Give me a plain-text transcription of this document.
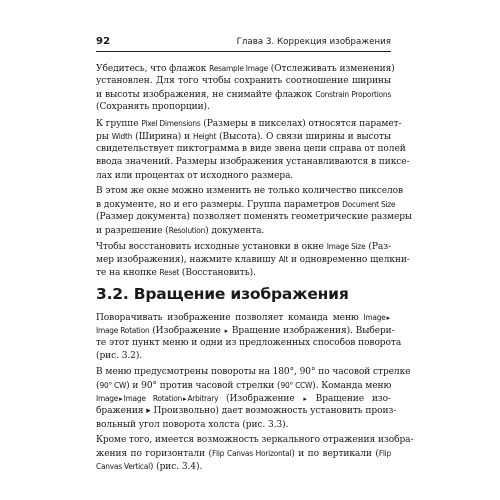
92	Глава 3. Коррекция изображения
Убедитесь, что флажок Resample Image (Отслеживать изменения)
установлен. Для того чтобы сохранить соотношение ширины
и высоты изображения, не снимайте флажок Constrain Proportions
(Сохранять пропорции).
К группе Pixel Dimensions (Размеры в пикселах) относятся парамет-
ры Width (Ширина) и Height (Высота). О связи ширины и высоты
свидетельствует пиктограмма в виде звена цепи справа от полей
ввода значений. Размеры изображения устанавливаются в пиксе-
лах или процентах от исходного размера.
В этом же окне можно изменить не только количество пикселов
в документе, но и его размеры. Группа параметров Document Size
(Размер документа) позволяет поменять геометрические размеры
и разрешение (Resolution) документа.
Чтобы восстановить исходные установки в окне Image Size (Раз-
мер изображения), нажмите клавишу Alt и одновременно щелкни-
те на кнопке Reset (Восстановить).
3.2. Вращение изображения
Поворачивать изображение позволяет команда меню Image▸
Image Rotation (Изображение ▸ Вращение изображения). Выбери-
те этот пункт меню и одни из предложенных способов поворота
(рис. 3.2).
В меню предусмотрены повороты на 180°, 90° по часовой стрелке
(90° CW) и 90° против часовой стрелки (90° CCW). Команда меню
Image▸Image Rotation▸Arbitrary (Изображение ▸ Вращение изо-
бражения ▸ Произвольно) дает возможность установить произ-
вольный угол поворота холста (рис. 3.3).
Кроме того, имеется возможность зеркального отражения изобра-
жения по горизонтали (Flip Canvas Horizontal) и по вертикали (Flip
Canvas Vertical) (рис. 3.4).
